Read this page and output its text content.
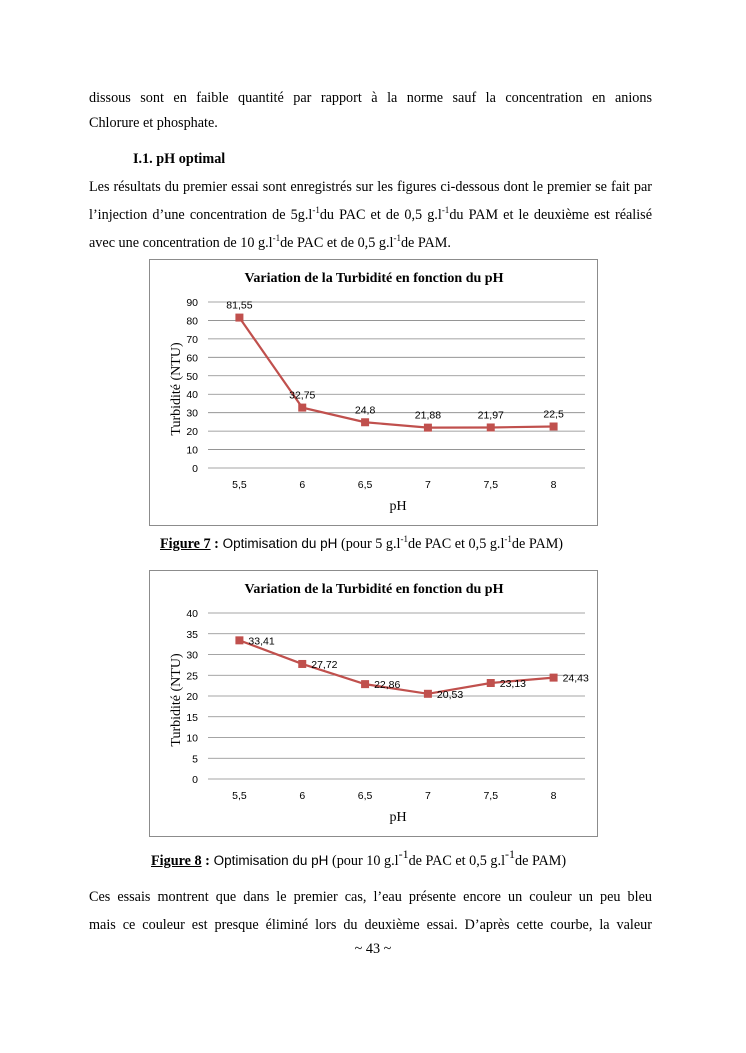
dissous sont en faible quantité par rapport à la norme sauf la concentration en anions
Chlorure et phosphate.
I.1. pH optimal
Les résultats du premier essai sont enregistrés sur les figures ci-dessous dont le premier se fait par l’injection d’une concentration de $5g.l^{-1}du$ PAC et de 0,5 $g.l^{-1}du$ PAM et le deuxième est réalisé avec une concentration de 10 $g.l^{-1}de$ PAC et de 0,5 $g.l^{-1}de$ PAM.
Variation de la Turbidité en fonction du pH
0
10
20
30
40
50
60
70
80
90
5,5	6	6,5	7	7,5	8
pH
Turbidité (NTU)
81,55
32,75
24,8	21,88	21,97	22,5
Figure 7 : Optimisation du pH (pour 5 $g.l^{-1}de$ PAC et 0,5 $g.l^{-1}de$ PAM)
Variation de la Turbidité en fonction du pH
0
5
10
15
20
25
30
35
40
5,5	6	6,5	7	7,5	8
pH
Turbidité (NTU)
33,41
27,72
22,86
20,53
23,13	24,43
Figure 8 : Optimisation du pH (pour 10 $g.l^{-1}de$ PAC et 0,5 $g.l^{-1}de$ PAM)
Ces essais montrent que dans le premier cas, l’eau présente encore un couleur un peu bleu
mais ce couleur est presque éliminé lors du deuxième essai. D’après cette courbe, la valeur
~ 43 ~
